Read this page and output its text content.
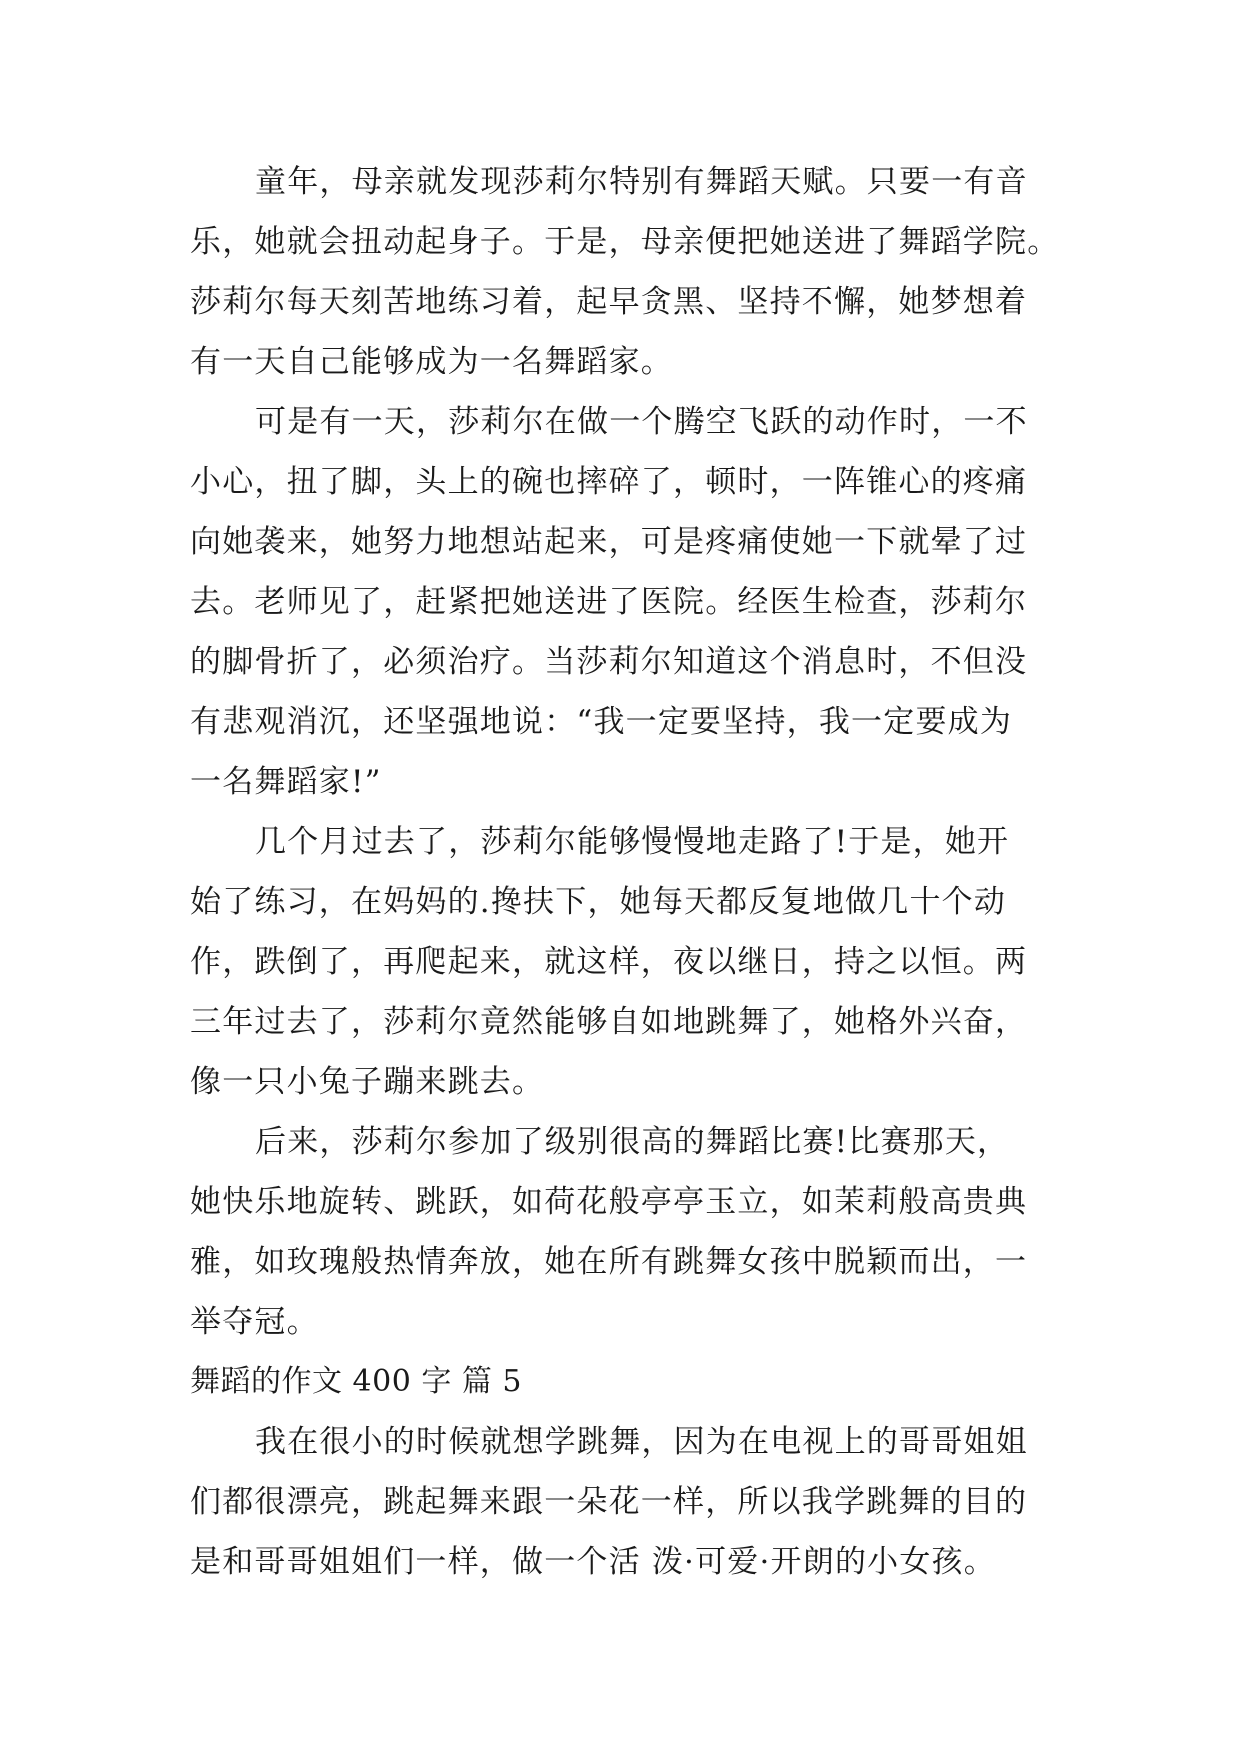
童年，母亲就发现莎莉尔特别有舞蹈天赋。只要一有音
乐，她就会扭动起身子。于是，母亲便把她送进了舞蹈学院。
莎莉尔每天刻苦地练习着，起早贪黑、坚持不懈，她梦想着
有一天自己能够成为一名舞蹈家。
可是有一天，莎莉尔在做一个腾空飞跃的动作时，一不
小心，扭了脚，头上的碗也摔碎了，顿时，一阵锥心的疼痛
向她袭来，她努力地想站起来，可是疼痛使她一下就晕了过
去。老师见了，赶紧把她送进了医院。经医生检查，莎莉尔
的脚骨折了，必须治疗。当莎莉尔知道这个消息时，不但没
有悲观消沉，还坚强地说：“我一定要坚持，我一定要成为
一名舞蹈家!”
几个月过去了，莎莉尔能够慢慢地走路了!于是，她开
始了练习，在妈妈的.搀扶下，她每天都反复地做几十个动
作，跌倒了，再爬起来，就这样，夜以继日，持之以恒。两
三年过去了，莎莉尔竟然能够自如地跳舞了，她格外兴奋，
像一只小兔子蹦来跳去。
后来，莎莉尔参加了级别很高的舞蹈比赛!比赛那天，
她快乐地旋转、跳跃，如荷花般亭亭玉立，如茉莉般高贵典
雅，如玫瑰般热情奔放，她在所有跳舞女孩中脱颖而出，一
举夺冠。
舞蹈的作文 400 字 篇 5
我在很小的时候就想学跳舞，因为在电视上的哥哥姐姐
们都很漂亮，跳起舞来跟一朵花一样，所以我学跳舞的目的
是和哥哥姐姐们一样，做一个活 泼·可爱·开朗的小女孩。
